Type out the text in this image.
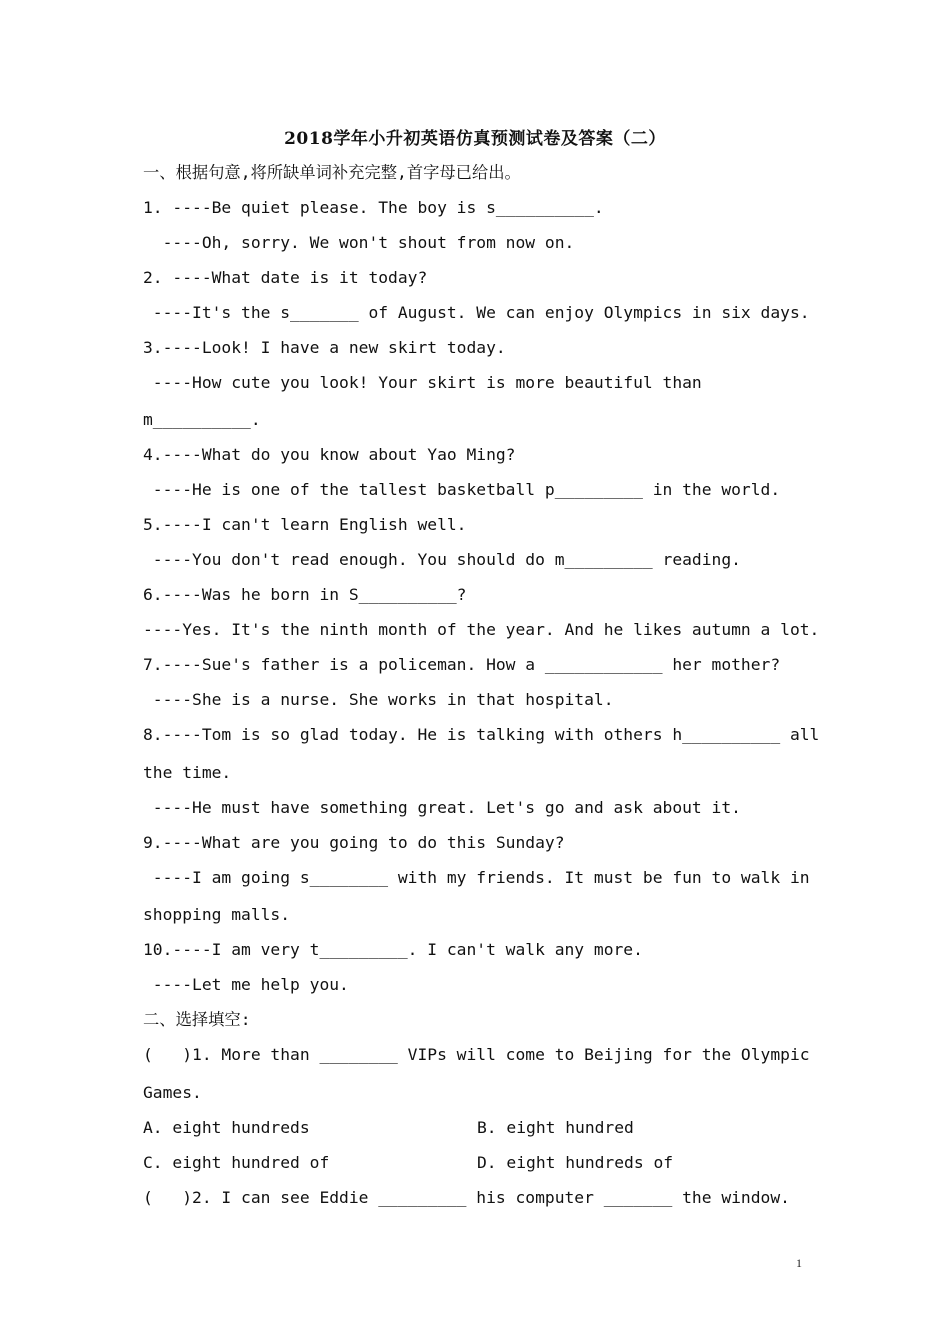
2018学年小升初英语仿真预测试卷及答案（二）
一、根据句意,将所缺单词补充完整,首字母已给出。
1. ----Be quiet please. The boy is s__________.
----Oh, sorry. We won't shout from now on.
2. ----What date is it today?
----It's the s_______ of August. We can enjoy Olympics in six days.
3.----Look! I have a new skirt today.
----How cute you look! Your skirt is more beautiful than
m__________.
4.----What do you know about Yao Ming?
----He is one of the tallest basketball p_________ in the world.
5.----I can't learn English well.
----You don't read enough. You should do m_________ reading.
6.----Was he born in S__________?
----Yes. It's the ninth month of the year. And he likes autumn a lot.
7.----Sue's father is a policeman. How a ____________ her mother?
----She is a nurse. She works in that hospital.
8.----Tom is so glad today. He is talking with others h__________ all
the time.
----He must have something great. Let's go and ask about it.
9.----What are you going to do this Sunday?
----I am going s________ with my friends. It must be fun to walk in
shopping malls.
10.----I am very t_________. I can't walk any more.
----Let me help you.
二、选择填空:
(   )1. More than ________ VIPs will come to Beijing for the Olympic
Games.
A. eight hundreds	B. eight hundred
C. eight hundred of	D. eight hundreds of
(   )2. I can see Eddie _________ his computer _______ the window.
1
